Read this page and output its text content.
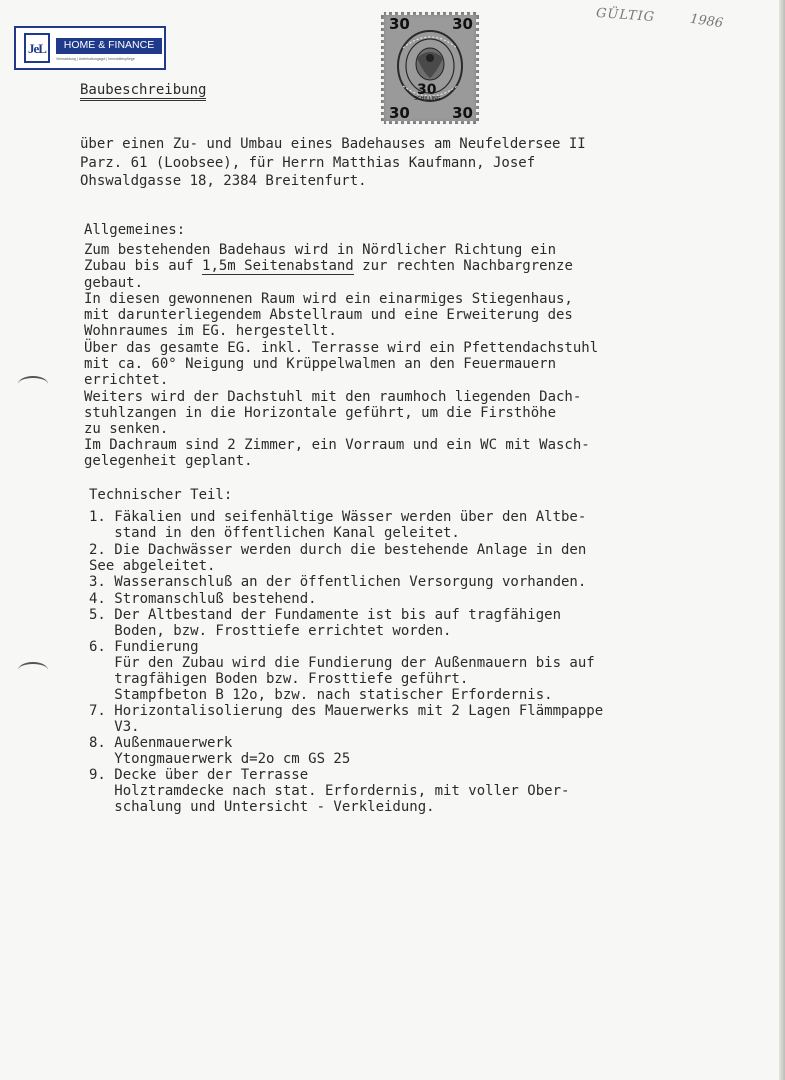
JeL	HOME & FINANCE
Vermarktung | Unterhaltungsgut | Immobilienpflege
30	30
30	30
30
SCHILLING
GÜLTIG	1986
Baubeschreibung

über einen Zu- und Umbau eines Badehauses am Neufeldersee II

Parz. 61 (Loobsee), für Herrn Matthias Kaufmann, Josef

Ohswaldgasse 18, 2384 Breitenfurt.

Allgemeines:

Zum bestehenden Badehaus wird in Nördlicher Richtung ein

Zubau bis auf 1,5m Seitenabstand zur rechten Nachbargrenze

gebaut.

In diesen gewonnenen Raum wird ein einarmiges Stiegenhaus,

mit darunterliegendem Abstellraum und eine Erweiterung des

Wohnraumes im EG. hergestellt.

Über das gesamte EG. inkl. Terrasse wird ein Pfettendachstuhl

mit ca. 60° Neigung und Krüppelwalmen an den Feuermauern

errichtet.

Weiters wird der Dachstuhl mit den raumhoch liegenden Dach-

stuhlzangen in die Horizontale geführt, um die Firsthöhe

zu senken.

Im Dachraum sind 2 Zimmer, ein Vorraum und ein WC mit Wasch-

gelegenheit geplant.

Technischer Teil:

1. Fäkalien und seifenhältige Wässer werden über den Altbe-

stand in den öffentlichen Kanal geleitet.

2. Die Dachwässer werden durch die bestehende Anlage in den

See abgeleitet.

3. Wasseranschluß an der öffentlichen Versorgung vorhanden.

4. Stromanschluß bestehend.

5. Der Altbestand der Fundamente ist bis auf tragfähigen

Boden, bzw. Frosttiefe errichtet worden.

6. Fundierung

Für den Zubau wird die Fundierung der Außenmauern bis auf

tragfähigen Boden bzw. Frosttiefe geführt.

Stampfbeton B 12o, bzw. nach statischer Erfordernis.

7. Horizontalisolierung des Mauerwerks mit 2 Lagen Flämmpappe

V3.

8. Außenmauerwerk

Ytongmauerwerk d=2o cm GS 25

9. Decke über der Terrasse

Holztramdecke nach stat. Erfordernis, mit voller Ober-

schalung und Untersicht - Verkleidung.
